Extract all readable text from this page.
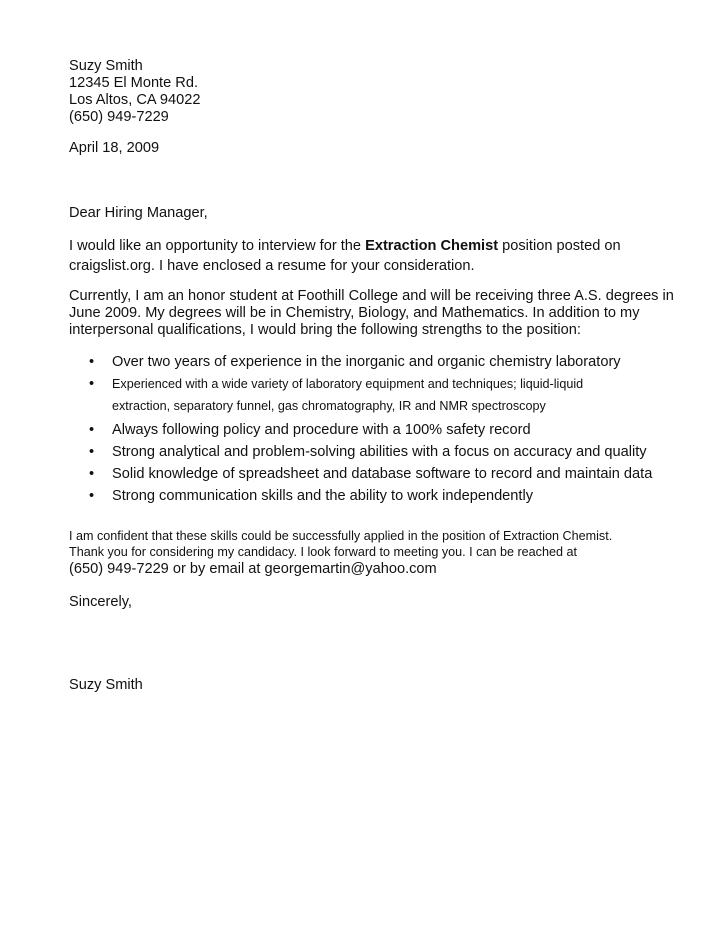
Suzy Smith
12345 El Monte Rd.
Los Altos, CA 94022
(650) 949-7229
April 18, 2009
Dear Hiring Manager,
I would like an opportunity to interview for the Extraction Chemist position posted on
craigslist.org. I have enclosed a resume for your consideration.
Currently, I am an honor student at Foothill College and will be receiving three A.S. degrees in
June 2009. My degrees will be in Chemistry, Biology, and Mathematics. In addition to my
interpersonal qualifications, I would bring the following strengths to the position:
• Over two years of experience in the inorganic and organic chemistry laboratory
• Experienced with a wide variety of laboratory equipment and techniques; liquid-liquid
extraction, separatory funnel, gas chromatography, IR and NMR spectroscopy
• Always following policy and procedure with a 100% safety record
• Strong analytical and problem-solving abilities with a focus on accuracy and quality
• Solid knowledge of spreadsheet and database software to record and maintain data
• Strong communication skills and the ability to work independently
I am confident that these skills could be successfully applied in the position of Extraction Chemist.
Thank you for considering my candidacy. I look forward to meeting you. I can be reached at
(650) 949-7229 or by email at georgemartin@yahoo.com
Sincerely,
Suzy Smith
